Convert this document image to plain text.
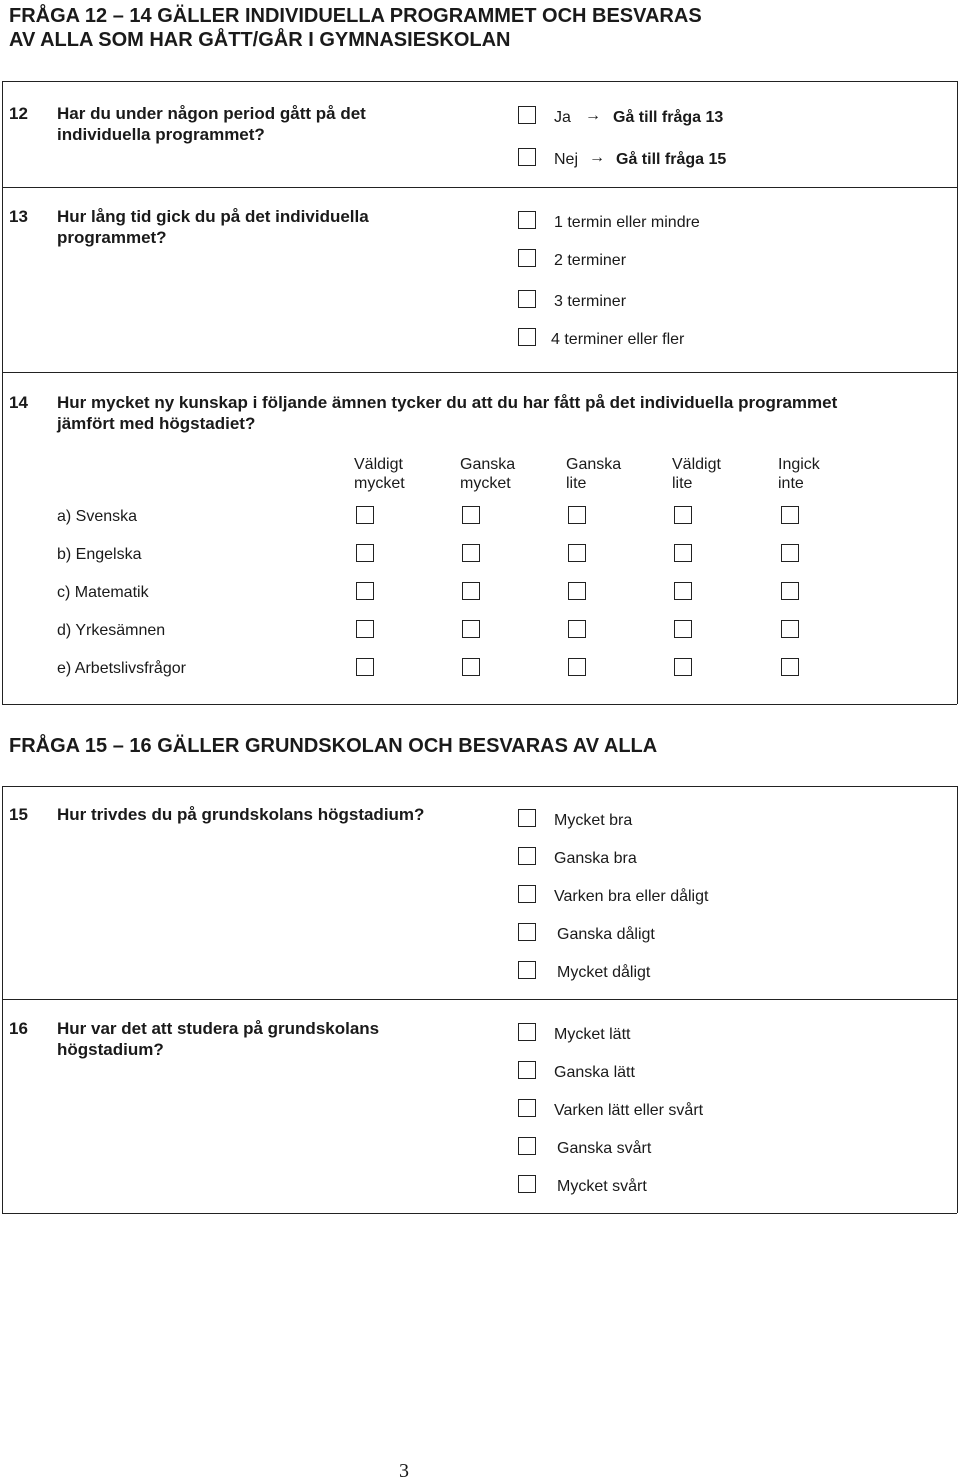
FRÅGA 12 – 14 GÄLLER INDIVIDUELLA PROGRAMMET OCH BESVARAS
AV ALLA SOM HAR GÅTT/GÅR I GYMNASIESKOLAN
12 Har du under någon period gått på det
individuella programmet?
Ja → Gå till fråga 13
Nej → Gå till fråga 15
13 Hur lång tid gick du på det individuella
programmet?
1 termin eller mindre
2 terminer
3 terminer
4 terminer eller fler
14 Hur mycket ny kunskap i följande ämnen tycker du att du har fått på det individuella programmet
jämfört med högstadiet?
Väldigt
mycket
Ganska
mycket
Ganska
lite
Väldigt
lite
Ingick
inte
a) Svenska
b) Engelska
c) Matematik
d) Yrkesämnen
e) Arbetslivsfrågor
FRÅGA 15 – 16 GÄLLER GRUNDSKOLAN OCH BESVARAS AV ALLA
15 Hur trivdes du på grundskolans högstadium?	Mycket bra
Ganska bra
Varken bra eller dåligt
Ganska dåligt
Mycket dåligt
16 Hur var det att studera på grundskolans
högstadium?
Mycket lätt
Ganska lätt
Varken lätt eller svårt
Ganska svårt
Mycket svårt
3
